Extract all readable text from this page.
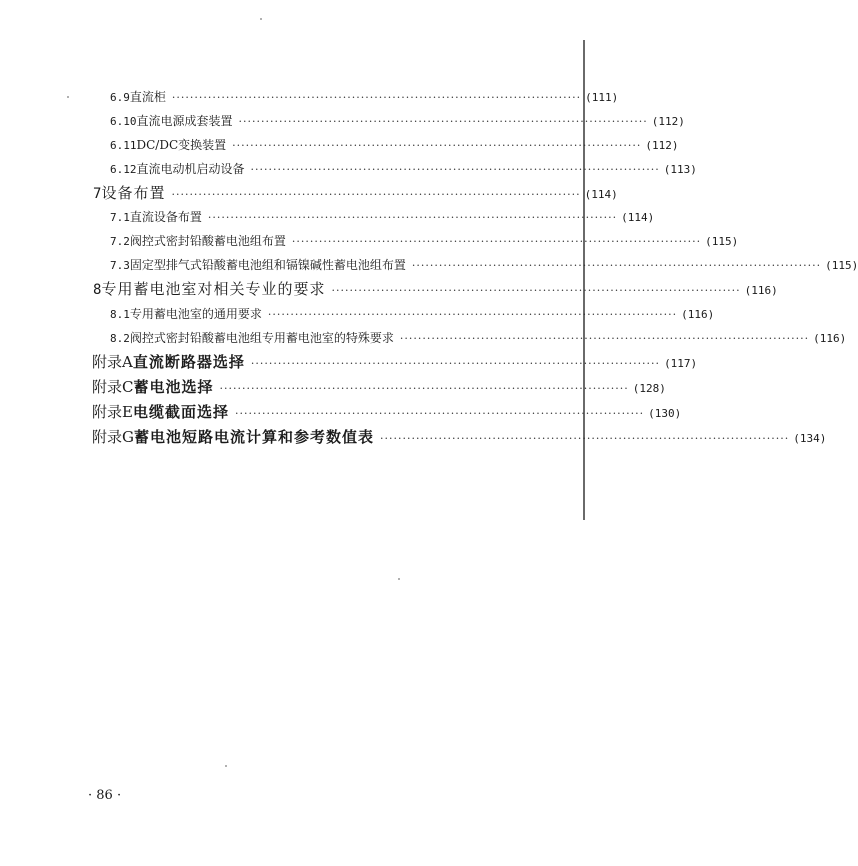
6.9 直流柜 ··························································································· (111)
6.10 直流电源成套装置 ··························································································· (112)
6.11 DC/DC变换装置 ··························································································· (112)
6.12 直流电动机启动设备 ··························································································· (113)
7 设备布置 ··························································································· (114)
7.1 直流设备布置 ··························································································· (114)
7.2 阀控式密封铅酸蓄电池组布置 ··························································································· (115)
7.3 固定型排气式铅酸蓄电池组和镉镍碱性蓄电池组布置 ··························································································· (115)
8 专用蓄电池室对相关专业的要求 ··························································································· (116)
8.1 专用蓄电池室的通用要求 ··························································································· (116)
8.2 阀控式密封铅酸蓄电池组专用蓄电池室的特殊要求 ··························································································· (116)
附录A 直流断路器选择 ··························································································· (117)
附录C 蓄电池选择 ··························································································· (128)
附录E 电缆截面选择 ··························································································· (130)
附录G 蓄电池短路电流计算和参考数值表 ··························································································· (134)
· 86 ·
